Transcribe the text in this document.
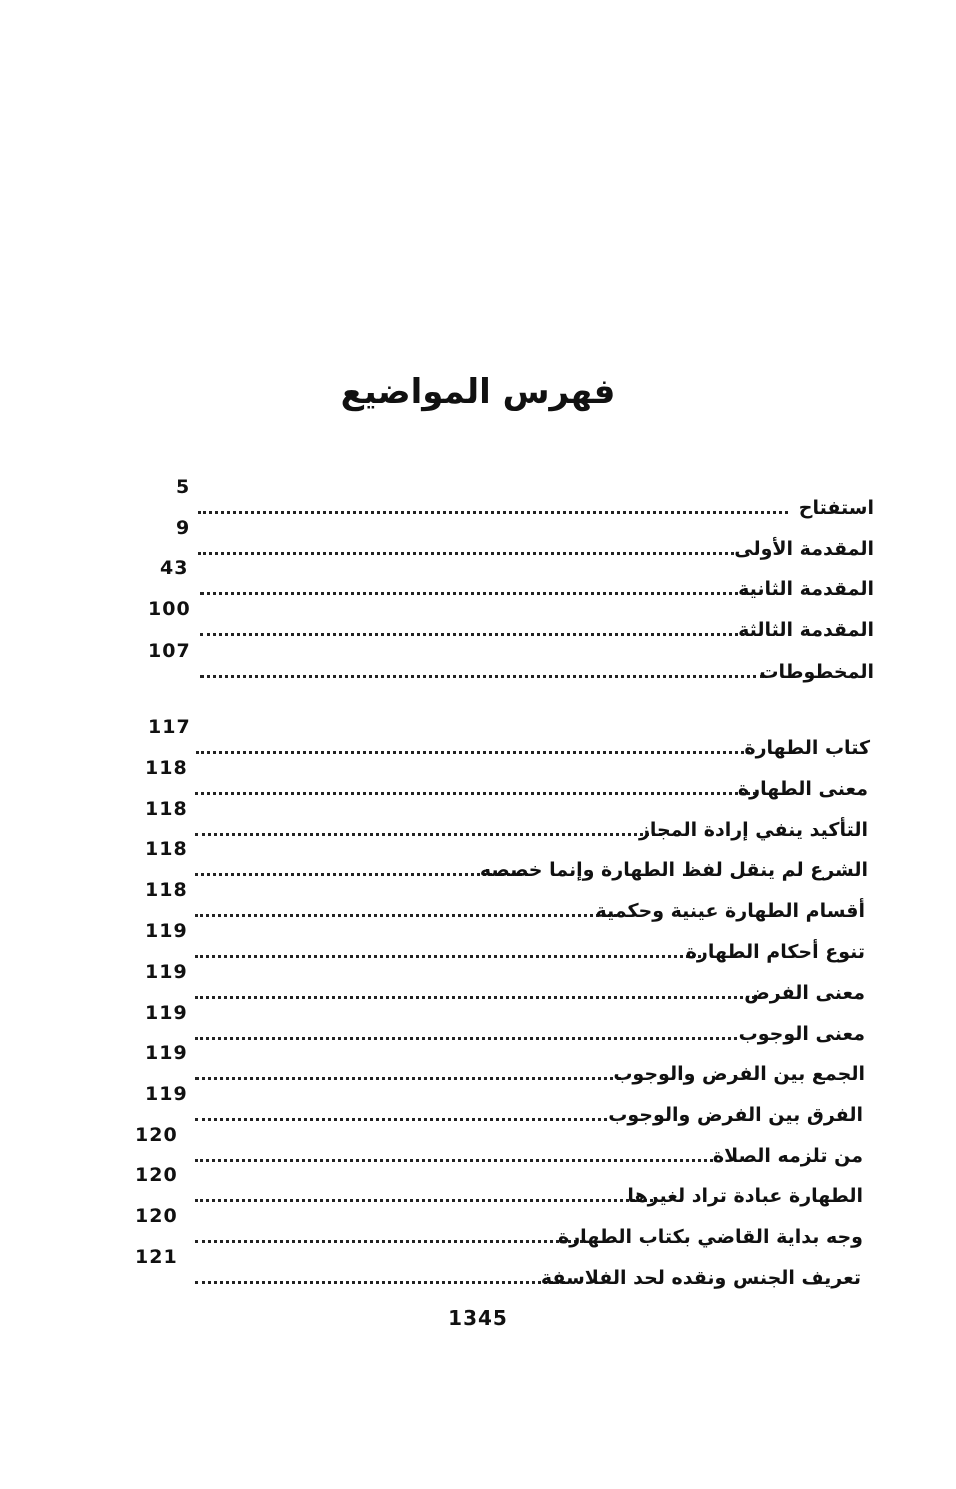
فهرس المواضيع
استفتاح
5
المقدمة الأولى
9
المقدمة الثانية
43
المقدمة الثالثة
100
المخطوطات
107
كتاب الطهارة
117
معنى الطهارة
118
التأكيد ينفي إرادة المجاز
118
الشرع لم ينقل لفظ الطهارة وإنما خصصه
118
أقسام الطهارة عينية وحكمية
118
تنوع أحكام الطهارة
119
معنى الفرض
119
معنى الوجوب
119
الجمع بين الفرض والوجوب
119
الفرق بين الفرض والوجوب
119
من تلزمه الصلاة
120
الطهارة عبادة تراد لغيرها
120
وجه بداية القاضي بكتاب الطهارة
120
تعريف الجنس ونقده لحد الفلاسفة
121
1345
